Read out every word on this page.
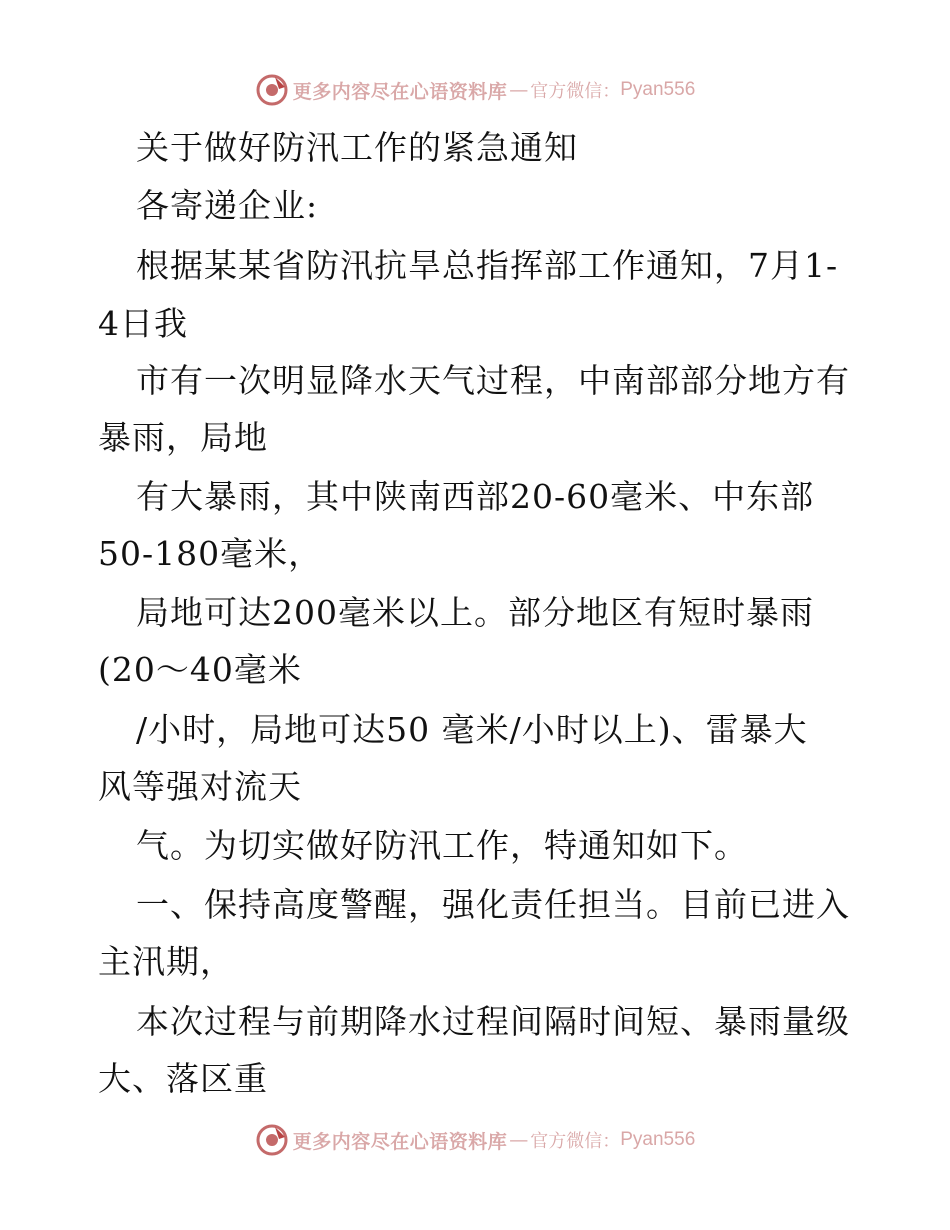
更多内容尽在心语资料库 — 官方微信： Pyan556
关于做好防汛工作的紧急通知
各寄递企业:
根据某某省防汛抗旱总指挥部工作通知，7月1-
4日我
市有一次明显降水天气过程，中南部部分地方有
暴雨，局地
有大暴雨，其中陕南西部20-60毫米、中东部
50-180毫米，
局地可达200毫米以上。部分地区有短时暴雨
(20～40毫米
/小时，局地可达50 毫米/小时以上)、雷暴大
风等强对流天
气。为切实做好防汛工作，特通知如下。
一、保持高度警醒，强化责任担当。目前已进入
主汛期，
本次过程与前期降水过程间隔时间短、暴雨量级
大、落区重
更多内容尽在心语资料库 — 官方微信： Pyan556
